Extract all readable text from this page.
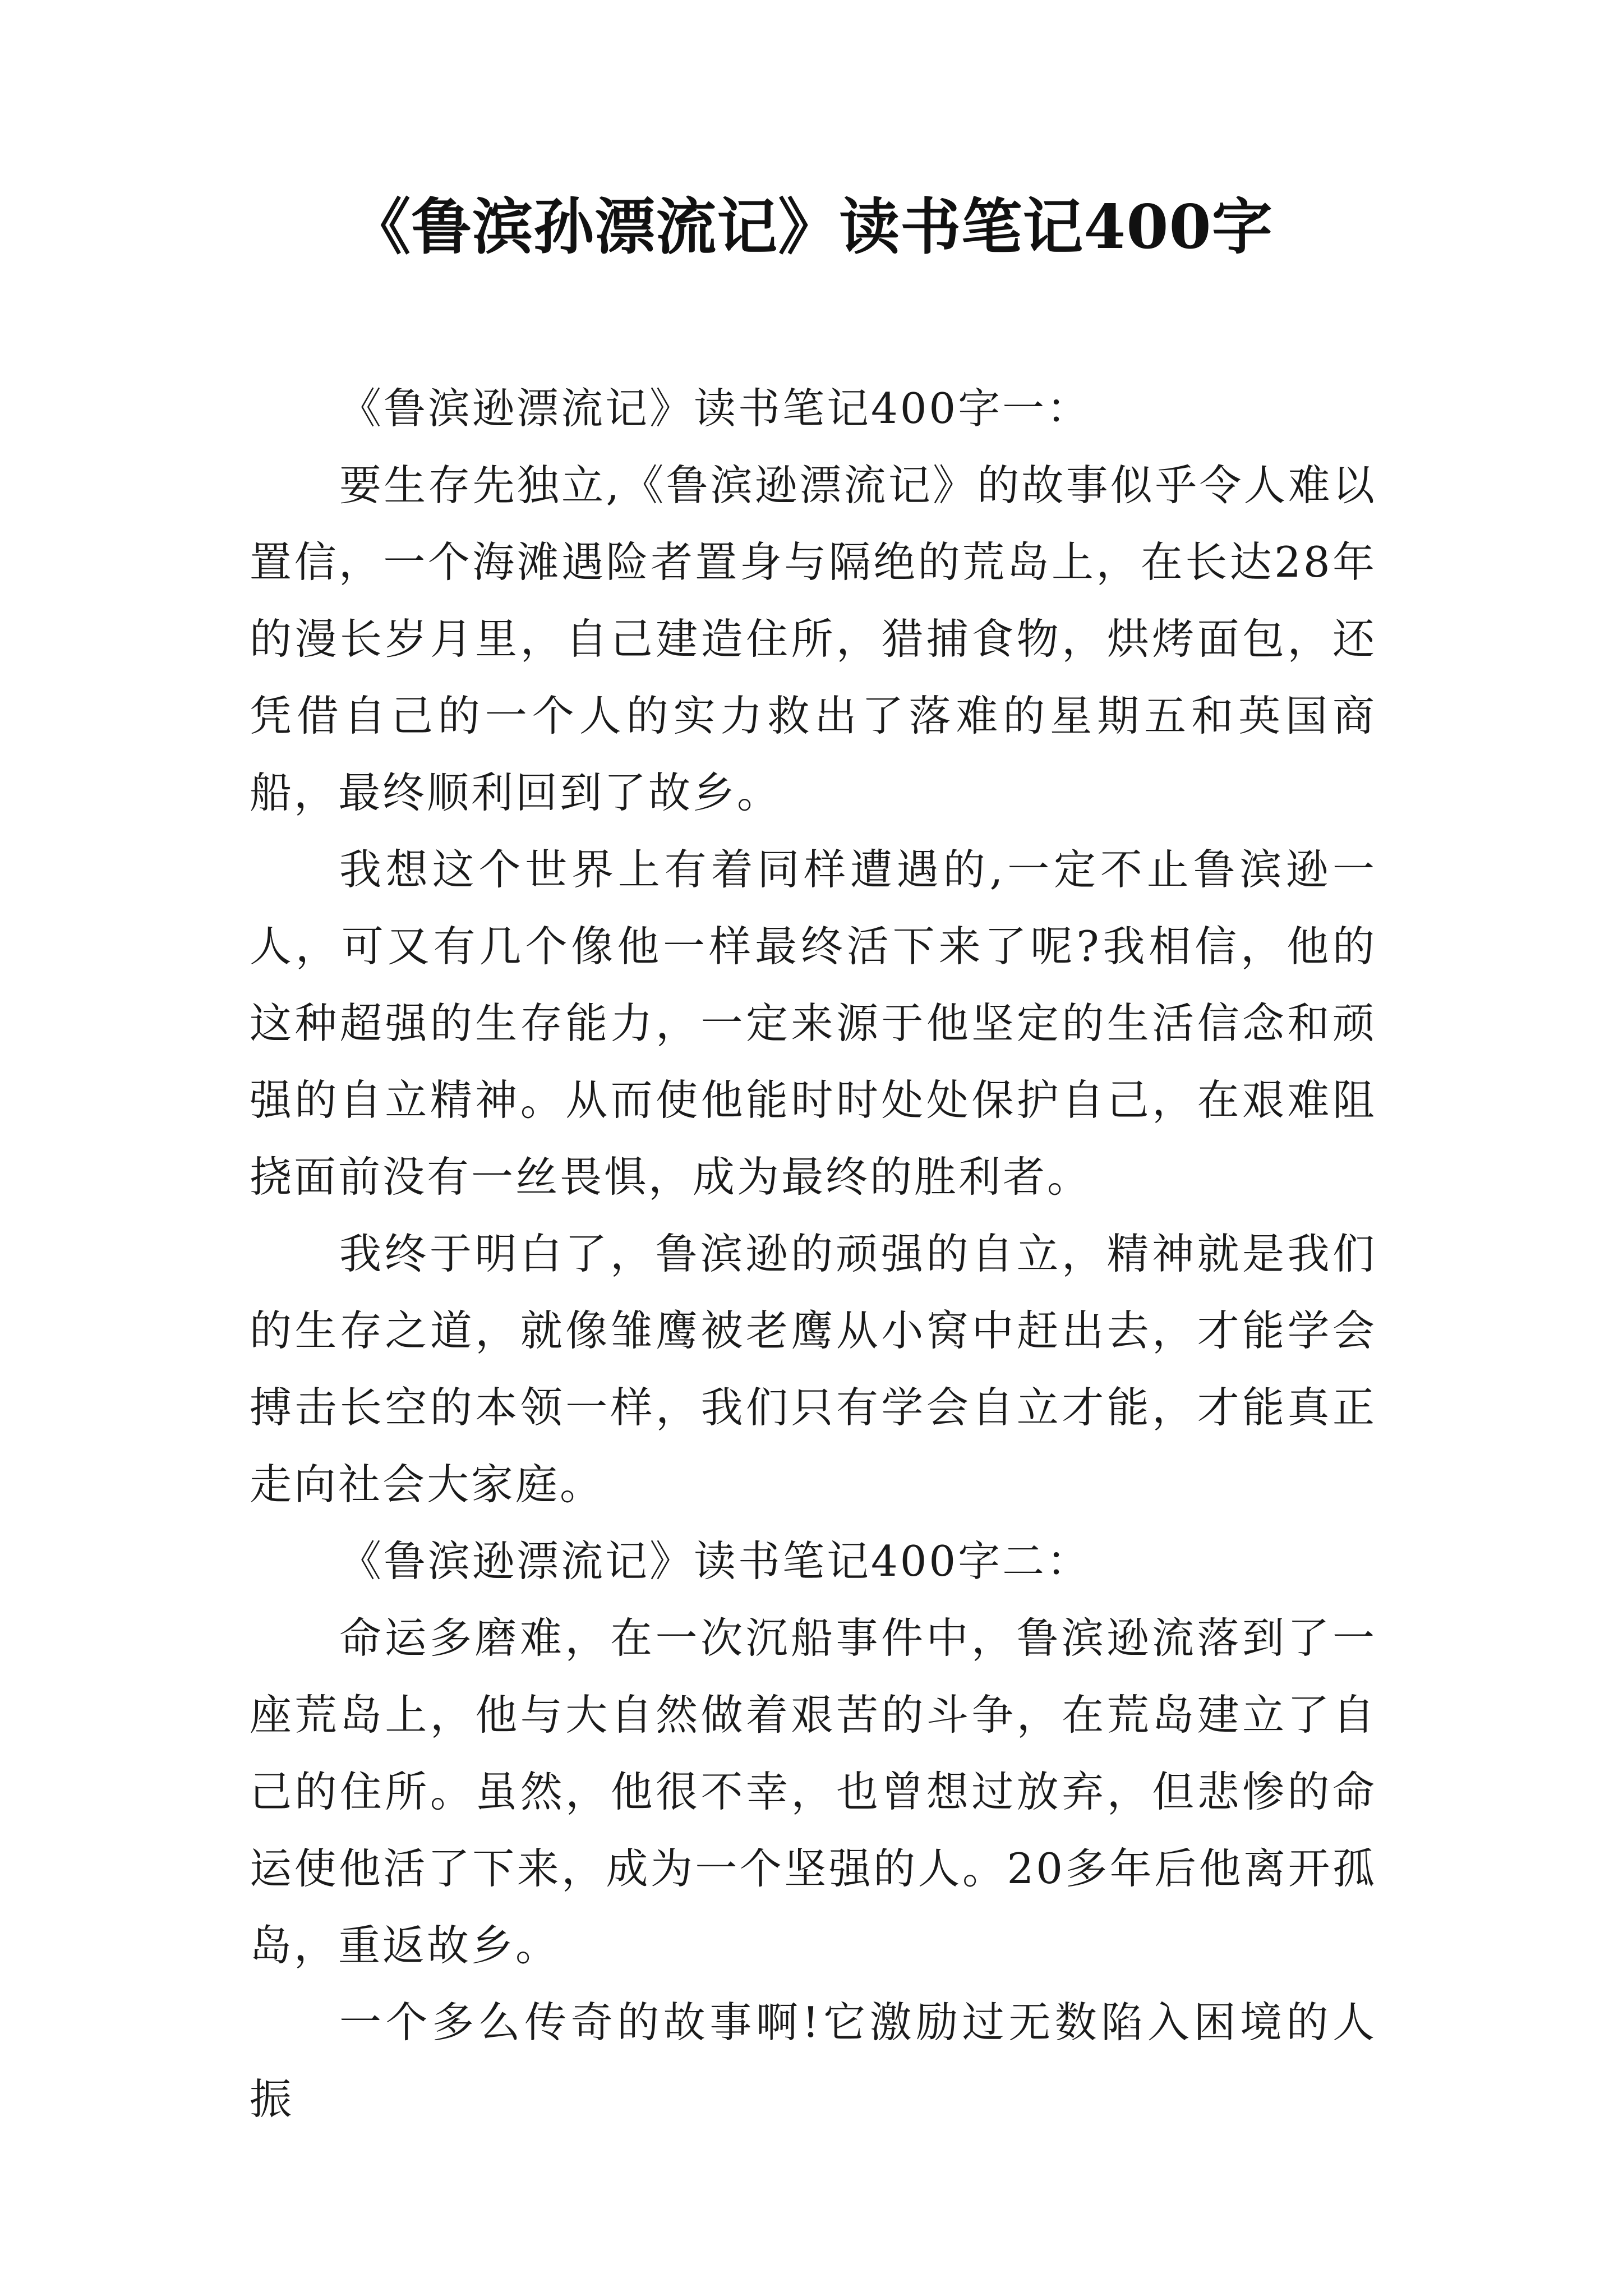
《鲁滨孙漂流记》读书笔记400字

《鲁滨逊漂流记》读书笔记400字一：

要生存先独立,《鲁滨逊漂流记》的故事似乎令人难以置信，一个海滩遇险者置身与隔绝的荒岛上，在长达28年的漫长岁月里，自己建造住所，猎捕食物，烘烤面包，还凭借自己的一个人的实力救出了落难的星期五和英国商船，最终顺利回到了故乡。

我想这个世界上有着同样遭遇的,一定不止鲁滨逊一人，可又有几个像他一样最终活下来了呢?我相信，他的这种超强的生存能力，一定来源于他坚定的生活信念和顽强的自立精神。从而使他能时时处处保护自己，在艰难阻挠面前没有一丝畏惧，成为最终的胜利者。

我终于明白了，鲁滨逊的顽强的自立，精神就是我们的生存之道，就像雏鹰被老鹰从小窝中赶出去，才能学会搏击长空的本领一样，我们只有学会自立才能，才能真正走向社会大家庭。

《鲁滨逊漂流记》读书笔记400字二：

命运多磨难，在一次沉船事件中，鲁滨逊流落到了一座荒岛上，他与大自然做着艰苦的斗争，在荒岛建立了自己的住所。虽然，他很不幸，也曾想过放弃，但悲惨的命运使他活了下来，成为一个坚强的人。20多年后他离开孤岛，重返故乡。

一个多么传奇的故事啊!它激励过无数陷入困境的人振
